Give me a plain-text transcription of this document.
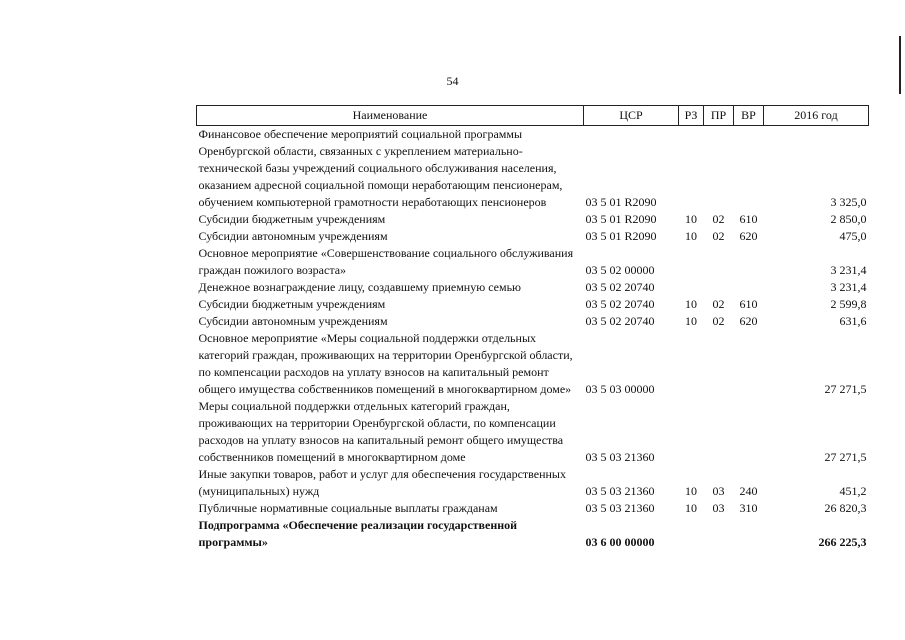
54
Наименование	ЦСР	РЗ	ПР	ВР	2016 год
Финансовое обеспечение мероприятий социальной программы Оренбургской области, связанных с укреплением материально-технической базы учреждений социального обслуживания населения, оказанием адресной социальной помощи неработающим пенсионерам, обучением компьютерной грамотности неработающих пенсионеров	03 5 01 R2090				3 325,0
Субсидии бюджетным учреждениям	03 5 01 R2090	10	02	610	2 850,0
Субсидии автономным учреждениям	03 5 01 R2090	10	02	620	475,0
Основное мероприятие «Совершенствование социального обслуживания граждан пожилого возраста»	03 5 02 00000				3 231,4
Денежное вознаграждение лицу, создавшему приемную семью	03 5 02 20740				3 231,4
Субсидии бюджетным учреждениям	03 5 02 20740	10	02	610	2 599,8
Субсидии автономным учреждениям	03 5 02 20740	10	02	620	631,6
Основное мероприятие «Меры социальной поддержки отдельных категорий граждан, проживающих на территории Оренбургской области, по компенсации расходов на уплату взносов на капитальный ремонт общего имущества собственников помещений в многоквартирном доме»	03 5 03 00000				27 271,5
Меры социальной поддержки отдельных категорий граждан, проживающих на территории Оренбургской области, по компенсации расходов на уплату взносов на капитальный ремонт общего имущества собственников помещений в многоквартирном доме	03 5 03 21360				27 271,5
Иные закупки товаров, работ и услуг для обеспечения государственных (муниципальных) нужд	03 5 03 21360	10	03	240	451,2
Публичные нормативные социальные выплаты гражданам	03 5 03 21360	10	03	310	26 820,3
Подпрограмма «Обеспечение реализации государственной программы»	03 6 00 00000				266 225,3
